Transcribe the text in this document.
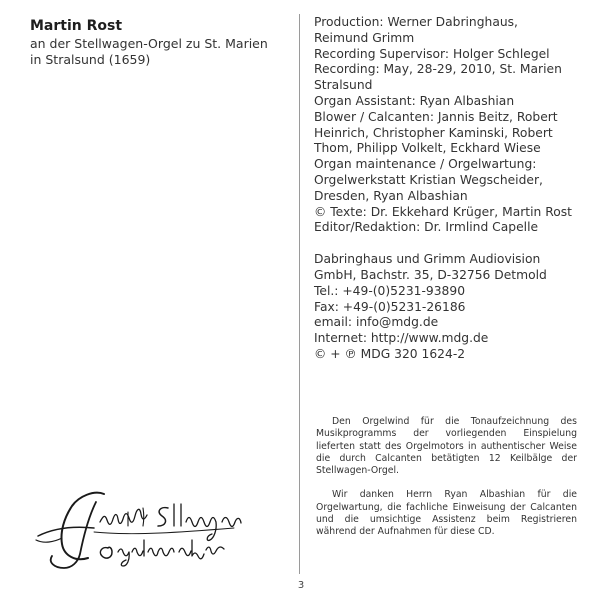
Martin Rost
an der Stellwagen-Orgel zu St. Marien
in Stralsund (1659)
Production: Werner Dabringhaus,
Reimund Grimm
Recording Supervisor: Holger Schlegel
Recording: May, 28-29, 2010, St. Marien
Stralsund
Organ Assistant: Ryan Albashian
Blower / Calcanten: Jannis Beitz, Robert
Heinrich, Christopher Kaminski, Robert
Thom, Philipp Volkelt, Eckhard Wiese
Organ maintenance / Orgelwartung:
Orgelwerkstatt Kristian Wegscheider,
Dresden, Ryan Albashian
© Texte: Dr. Ekkehard Krüger, Martin Rost
Editor/Redaktion: Dr. Irmlind Capelle
Dabringhaus und Grimm Audiovision
GmbH, Bachstr. 35, D-32756 Detmold
Tel.: +49-(0)5231-93890
Fax: +49-(0)5231-26186
email: info@mdg.de
Internet: http://www.mdg.de
© + ℗ MDG 320 1624-2

Den Orgelwind für die Tonaufzeichnung des Musikprogramms der vorliegenden Einspielung lieferten statt des Orgelmotors in authentischer Weise die durch Calcanten betätigten 12 Keilbälge der Stellwagen-Orgel.

Wir danken Herrn Ryan Albashian für die Orgelwartung, die fachliche Einweisung der Calcanten und die umsichtige Assistenz beim Registrieren während der Aufnahmen für diese CD.

3
